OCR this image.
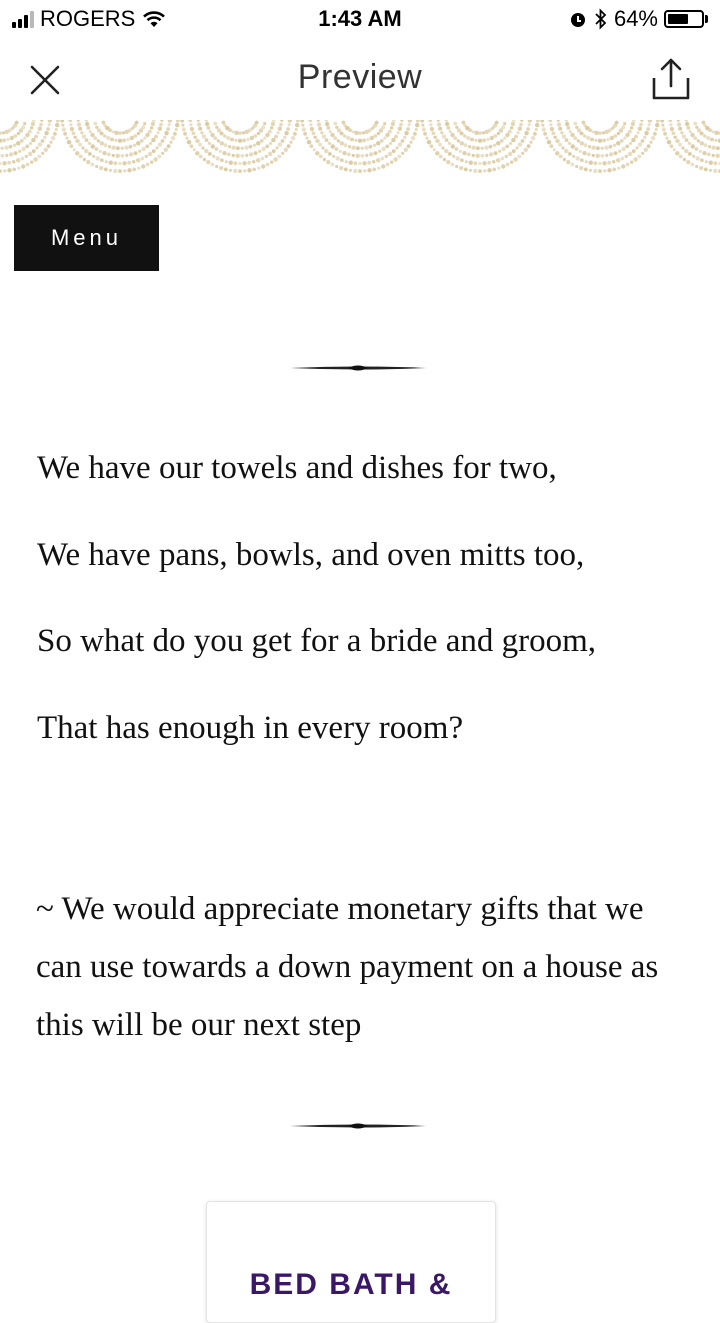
ROGERS	1:43 AM	64%
Preview
Menu
We have our towels and dishes for two,
We have pans, bowls, and oven mitts too,
So what do you get for a bride and groom,
That has enough in every room?
~ We would appreciate monetary gifts that we can use towards a down payment on a house as this will be our next step
BED BATH &
